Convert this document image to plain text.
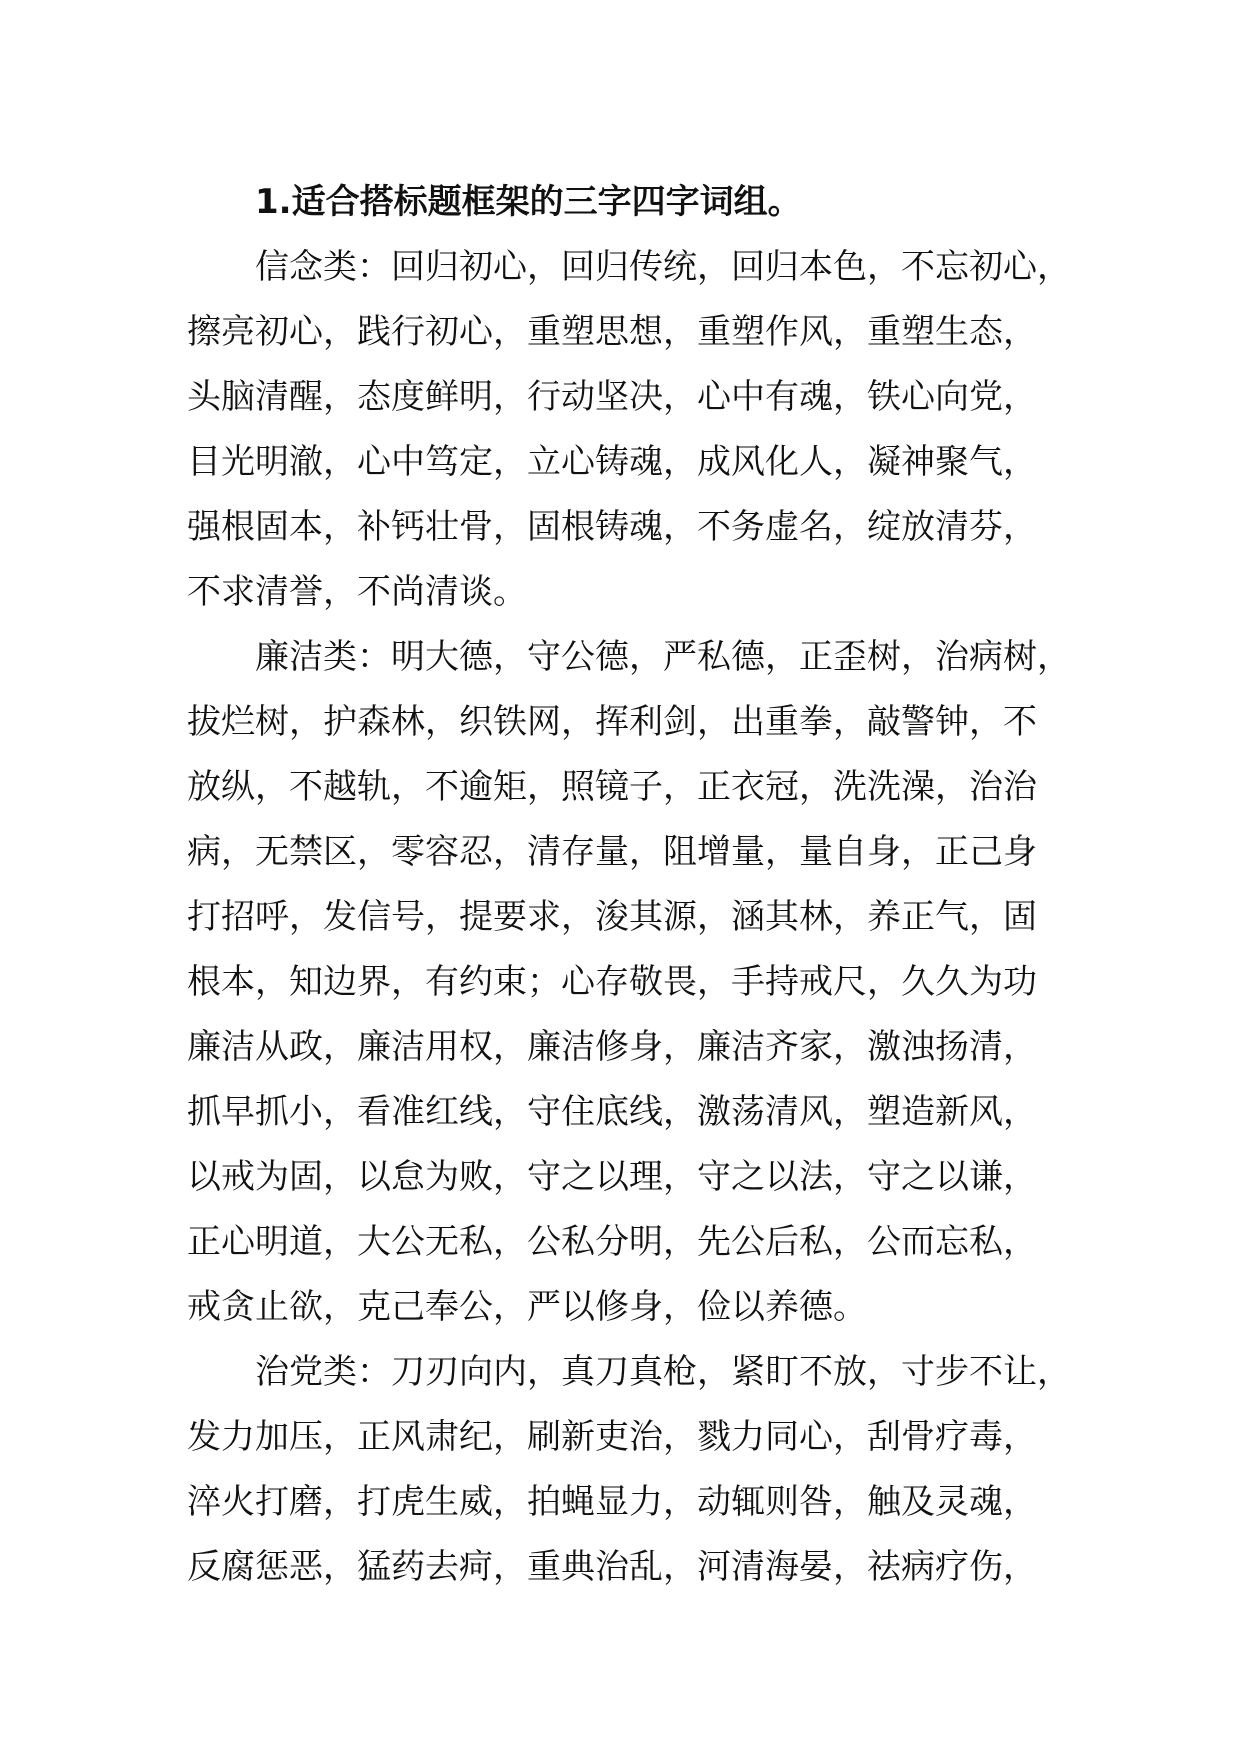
1.适合搭标题框架的三字四字词组。

信念类：回归初心，回归传统，回归本色，不忘初心，
擦亮初心，践行初心，重塑思想，重塑作风，重塑生态，
头脑清醒，态度鲜明，行动坚决，心中有魂，铁心向党，
目光明澈，心中笃定，立心铸魂，成风化人，凝神聚气，
强根固本，补钙壮骨，固根铸魂，不务虚名，绽放清芬，
不求清誉，不尚清谈。

廉洁类：明大德，守公德，严私德，正歪树，治病树，
拔烂树，护森林，织铁网，挥利剑，出重拳，敲警钟，不
放纵，不越轨，不逾矩，照镜子，正衣冠，洗洗澡，治治
病，无禁区，零容忍，清存量，阻增量，量自身，正己身
打招呼，发信号，提要求，浚其源，涵其林，养正气，固
根本，知边界，有约束；心存敬畏，手持戒尺，久久为功
廉洁从政，廉洁用权，廉洁修身，廉洁齐家，激浊扬清，
抓早抓小，看准红线，守住底线，激荡清风，塑造新风，
以戒为固，以怠为败，守之以理，守之以法，守之以谦，
正心明道，大公无私，公私分明，先公后私，公而忘私，
戒贪止欲，克己奉公，严以修身，俭以养德。

治党类：刀刃向内，真刀真枪，紧盯不放，寸步不让，
发力加压，正风肃纪，刷新吏治，戮力同心，刮骨疗毒，
淬火打磨，打虎生威，拍蝇显力，动辄则咎，触及灵魂，
反腐惩恶，猛药去疴，重典治乱，河清海晏，祛病疗伤，
